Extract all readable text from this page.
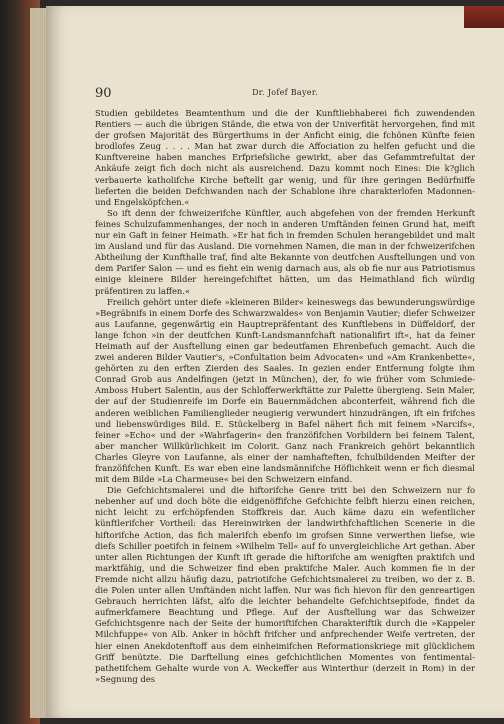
90	Dr. Jofef Bayer.

Studien gebildetes Beamtenthum und die der Kunftliebhaberei fich zuwendenden Rentiers — auch die übrigen Stände, die etwa von der Univerfität hervorgehen, find mit der grofsen Majorität des Bürgerthums in der Anficht einig, die fchönen Künfte feien brodlofes Zeug . . . . Man hat zwar durch die Affociation zu helfen gefucht und die Kunftvereine haben manches Erfpriefsliche gewirkt, aber das Gefammtrefultat der Ankäufe zeigt fich doch nicht als ausreichend. Dazu kommt noch Eines: Die k?glich verbauerte katholifche Kirche beftellt gar wenig, und für ihre geringen Bedürfniffe lieferten die beiden Defchwanden nach der Schablone ihre charakterlofen Madonnen- und Engelsköpfchen.«

So ift denn der fchweizerifche Künftler, auch abgefehen von der fremden Herkunft feines Schulzufammenhanges, der noch in anderen Umftänden feinen Grund hat, meift nur ein Gaft in feiner Heimath. »Er hat fich in fremden Schulen herangebildet und malt im Ausland und für das Ausland. Die vornehmen Namen, die man in der fchweizerifchen Abtheilung der Kunfthalle traf, find alte Bekannte von deutfchen Ausftellungen und von dem Parifer Salon — und es fieht ein wenig darnach aus, als ob fie nur aus Patriotismus einige kleinere Bilder hereingefchiftet hätten, um das Heimathland fich würdig präfentiren zu laffen.«

Freilich gehört unter diefe »kleineren Bilder« keineswegs das bewunderungswürdige »Begräbnifs in einem Dorfe des Schwarzwaldes« von Benjamin Vautier; diefer Schweizer aus Laufanne, gegenwärtig ein Hauptrepräfentant des Kunftlebens in Düffeldorf, der lange fchon »in der deutfchen Kunft-Landsmannfchaft nationalifirt ift«, hat da feiner Heimath auf der Ausftellung einen gar bedeutfamen Ehrenbefuch gemacht. Auch die zwei anderen Bilder Vautier's, »Confultation beim Advocaten« und »Am Krankenbette«, gehörten zu den erften Zierden des Saales. In gezien ender Entfernung folgte ihm Conrad Grob aus Andelfingen (jetzt in München), der, fo wie früher vom Schmiede-Amboss Hubert Salentin, aus der Schlofferwerkftätte zur Palette übergieng. Sein Maler, der auf der Studienreife im Dorfe ein Bauernmädchen abconterfeit, während fich die anderen weiblichen Familienglieder neugierig verwundert hinzudrängen, ift ein frifches und liebenswürdiges Bild. E. Stückelberg in Bafel nähert fich mit feinem »Narcifs«, feiner »Echo« und der »Wahrfagerin« den franzöfifchen Vorbildern bei feinem Talent, aber mancher Willkürlichkeit im Colorit. Ganz nach Frankreich gehört bekanntlich Charles Gleyre von Laufanne, als einer der namhafteften, fchulbildenden Meifter der franzöfifchen Kunft. Es war eben eine landsmännifche Höflichkeit wenn er fich diesmal mit dem Bilde »La Charmeuse« bei den Schweizern einfand.

Die Gefchichtsmalerei und die hiftorifche Genre tritt bei den Schweizern nur fo nebenher auf und doch böte die eidgenöffifche Gefchichte felbft hierzu einen reichen, nicht leicht zu erfchöpfenden Stoffkreis dar. Auch käme dazu ein wefentlicher künftlerifcher Vortheil: das Hereinwirken der landwirthfchaftlichen Scenerie in die hiftorifche Action, das fich malerifch ebenfo im grofsen Sinne verwerthen liefse, wie diefs Schiller poetifch in feinem »Wilhelm Tell« auf fo unvergleichliche Art gethan. Aber unter allen Richtungen der Kunft ift gerade die hiftorifche am wenigften praktifch und marktfähig, und die Schweizer find eben praktifche Maler. Auch kommen fie in der Fremde nicht allzu häufig dazu, patriotifche Gefchichtsmalerei zu treiben, wo der z. B. die Polen unter allen Umftänden nicht laffen. Nur was fich hievon für den genreartigen Gebrauch herrichten läfst, alfo die leichter behandelte Gefchichtsepifode, findet da aufmerkfamere Beachtung und Pflege. Auf der Ausftellung war das Schweizer Gefchichtsgenre nach der Seite der humoriftifchen Charakteriftik durch die »Kappeler Milchfuppe« von Alb. Anker in höchft frifcher und anfprechender Weife vertreten, der hier einen Anekdotenftoff aus dem einheimifchen Reformationskriege mit glücklichem Griff benützte. Die Darftellung eines gefchichtlichen Momentes von fentimental-pathetifchem Gehalte wurde von A. Weckeffer aus Winterthur (derzeit in Rom) in der »Segnung des
